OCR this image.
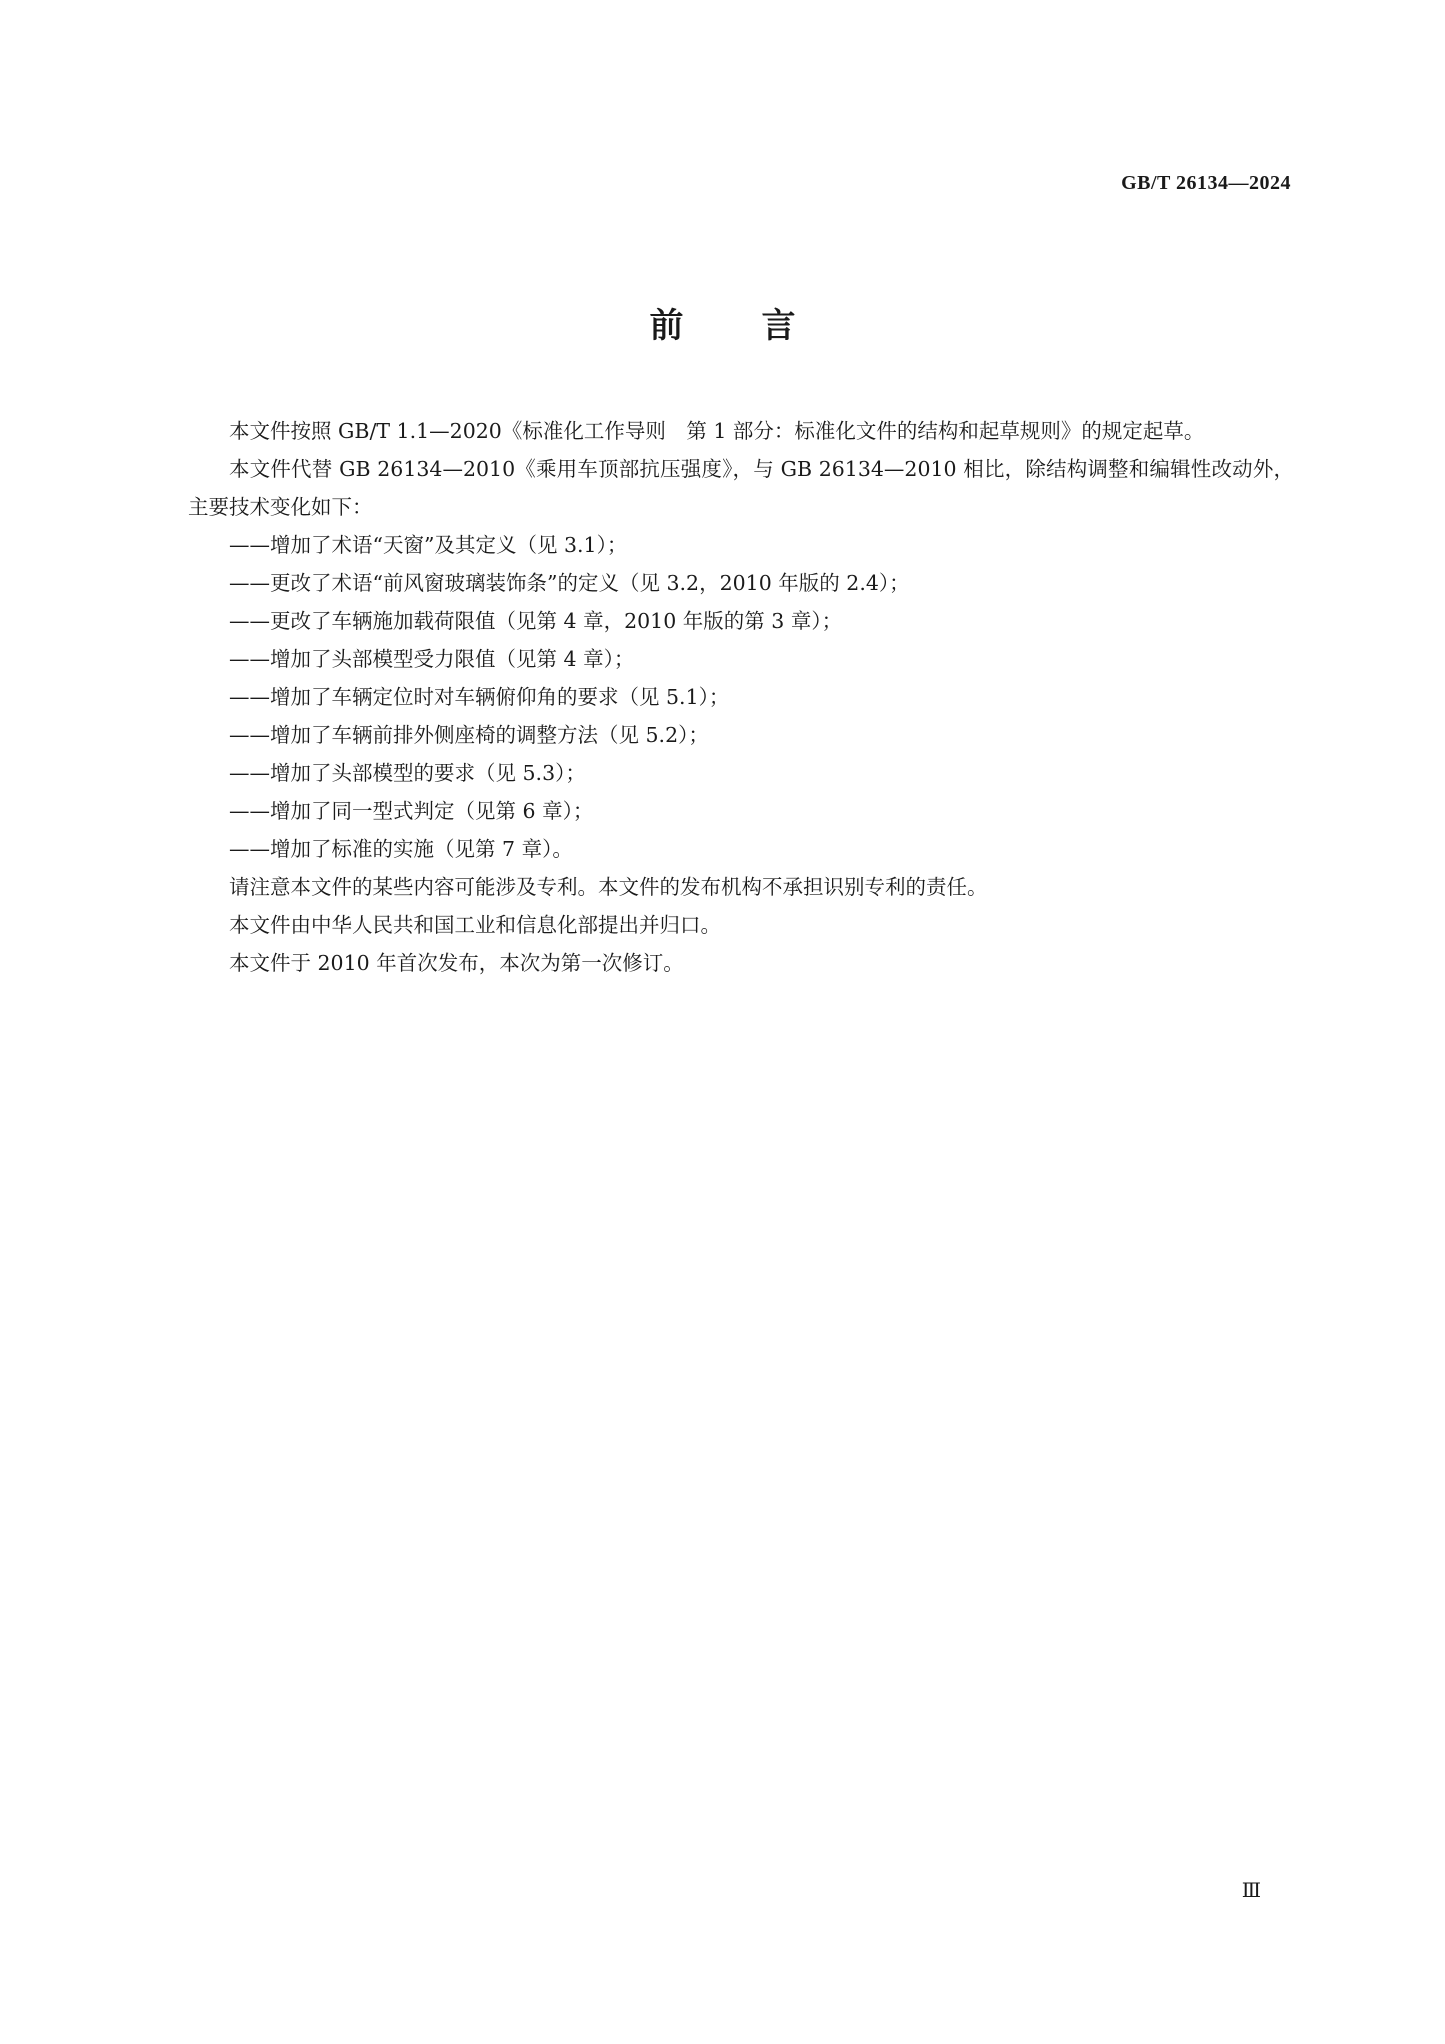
GB/T 26134—2024
前言

本文件按照 GB/T 1.1—2020《标准化工作导则　第 1 部分：标准化文件的结构和起草规则》的规定起草。

本文件代替 GB 26134—2010《乘用车顶部抗压强度》，与 GB 26134—2010 相比，除结构调整和编辑性改动外，主要技术变化如下：

——增加了术语“天窗”及其定义（见 3.1）；

——更改了术语“前风窗玻璃装饰条”的定义（见 3.2，2010 年版的 2.4）；

——更改了车辆施加载荷限值（见第 4 章，2010 年版的第 3 章）；

——增加了头部模型受力限值（见第 4 章）；

——增加了车辆定位时对车辆俯仰角的要求（见 5.1）；

——增加了车辆前排外侧座椅的调整方法（见 5.2）；

——增加了头部模型的要求（见 5.3）；

——增加了同一型式判定（见第 6 章）；

——增加了标准的实施（见第 7 章）。

请注意本文件的某些内容可能涉及专利。本文件的发布机构不承担识别专利的责任。

本文件由中华人民共和国工业和信息化部提出并归口。

本文件于 2010 年首次发布，本次为第一次修订。

Ⅲ
